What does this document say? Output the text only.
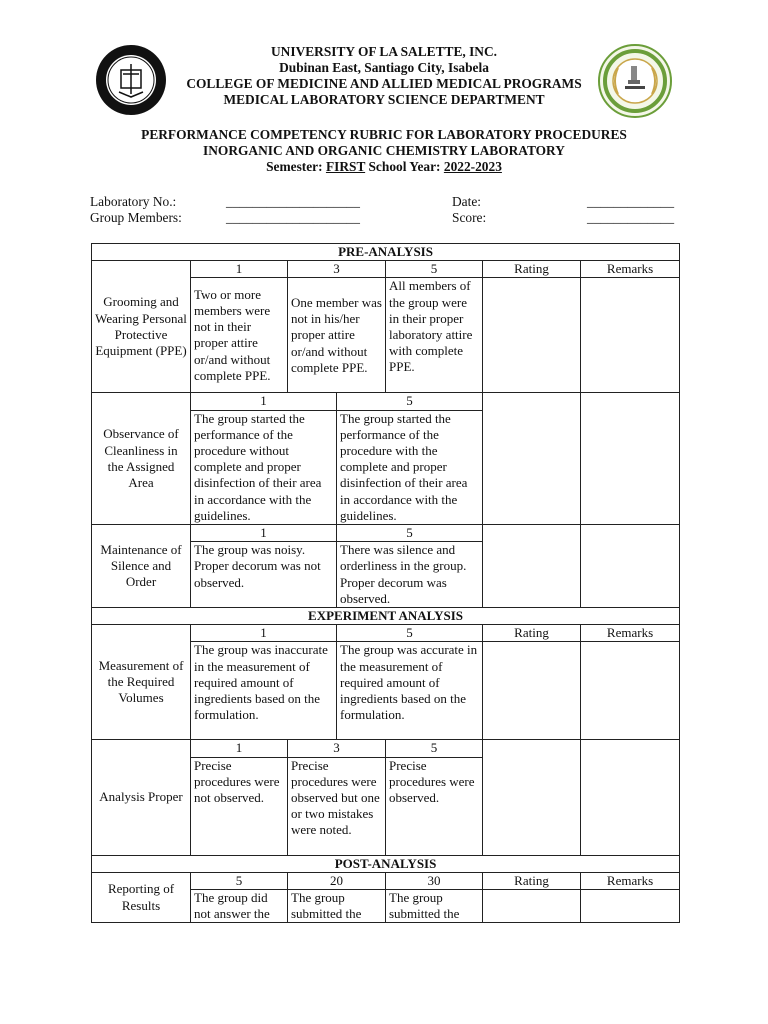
UNIVERSITY OF LA SALETTE, INC.
Dubinan East, Santiago City, Isabela
COLLEGE OF MEDICINE AND ALLIED MEDICAL PROGRAMS
MEDICAL LABORATORY SCIENCE DEPARTMENT
PERFORMANCE COMPETENCY RUBRIC FOR LABORATORY PROCEDURES
INORGANIC AND ORGANIC CHEMISTRY LABORATORY
Semester: FIRST School Year: 2022-2023
Laboratory No.:	____________________
Group Members:	____________________
Date:	_____________
Score:	_____________
PRE-ANALYSIS						
Grooming and Wearing Personal Protective Equipment (PPE)	1	3		5	Rating	Remarks
	Two or more members were not in their proper attire or/and without complete PPE.	One member was not in his/her proper attire or/and without complete PPE.		All members of the group were in their proper laboratory attire with complete PPE.		
Observance of Cleanliness in the Assigned Area	1		5			
	The group started the performance of the procedure without complete and proper disinfection of their area in accordance with the guidelines.		The group started the performance of the procedure with the complete and proper disinfection of their area in accordance with the guidelines.			
Maintenance of Silence and Order	1		5			
	The group was noisy. Proper decorum was not observed.		There was silence and orderliness in the group. Proper decorum was observed.			
EXPERIMENT ANALYSIS						
Measurement of the Required Volumes	1		5		Rating	Remarks
	The group was inaccurate in the measurement of required amount of ingredients based on the formulation.		The group was accurate in the measurement of required amount of ingredients based on the formulation.			
Analysis Proper	1	3		5		
	Precise procedures were not observed.	Precise procedures were observed but one or two mistakes were noted.		Precise procedures were observed.		
POST-ANALYSIS						
Reporting of Results	5	20		30	Rating	Remarks
	The group did not answer the	The group submitted the		The group submitted the		
